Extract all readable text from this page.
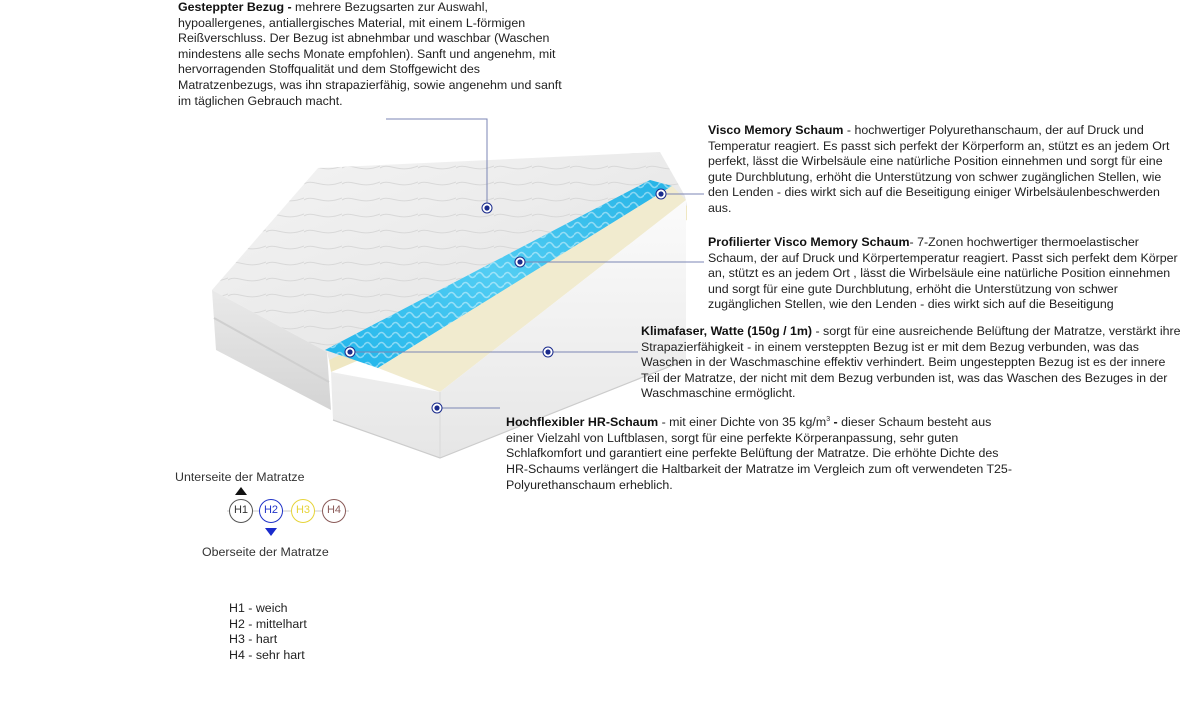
Gesteppter Bezug - mehrere Bezugsarten zur Auswahl, hypoallergenes, antiallergisches Material, mit einem L-förmigen Reißverschluss. Der Bezug ist abnehmbar und waschbar (Waschen mindestens alle sechs Monate empfohlen). Sanft und angenehm, mit hervorragenden Stoffqualität und dem Stoffgewicht des Matratzenbezugs, was ihn strapazierfähig, sowie angenehm und sanft im täglichen Gebrauch macht.
Visco Memory Schaum - hochwertiger Polyurethanschaum, der auf Druck und Temperatur reagiert. Es passt sich perfekt der Körperform an, stützt es an jedem Ort perfekt, lässt die Wirbelsäule eine natürliche Position einnehmen und sorgt für eine gute Durchblutung, erhöht die Unterstützung von schwer zugänglichen Stellen, wie den Lenden - dies wirkt sich auf die Beseitigung einiger Wirbelsäulenbeschwerden aus.
Profilierter Visco Memory Schaum- 7-Zonen hochwertiger thermoelastischer Schaum, der auf Druck und Körpertemperatur reagiert. Passt sich perfekt dem Körper an, stützt es an jedem Ort , lässt die Wirbelsäule eine natürliche Position einnehmen und sorgt für eine gute Durchblutung, erhöht die Unterstützung von schwer zugänglichen Stellen, wie den Lenden - dies wirkt sich auf die Beseitigung
Klimafaser, Watte (150g / 1m) - sorgt für eine ausreichende Belüftung der Matratze, verstärkt ihre Strapazierfähigkeit - in einem versteppten Bezug ist er mit dem Bezug verbunden, was das Waschen in der Waschmaschine effektiv verhindert. Beim ungesteppten Bezug ist es der innere Teil der Matratze, der nicht mit dem Bezug verbunden ist, was das Waschen des Bezuges in der Waschmaschine ermöglicht.
Hochflexibler HR-Schaum - mit einer Dichte von 35 $kg/m^3$ - dieser Schaum besteht aus einer Vielzahl von Luftblasen, sorgt für eine perfekte Körperanpassung, sehr guten Schlafkomfort und garantiert eine perfekte Belüftung der Matratze. Die erhöhte Dichte des HR-Schaums verlängert die Haltbarkeit der Matratze im Vergleich zum oft verwendeten T25-Polyurethanschaum erheblich.
Unterseite der Matratze
H1	H2	H3	H4
Oberseite der Matratze
H1 - weich
H2 - mittelhart
H3 - hart
H4 - sehr hart
